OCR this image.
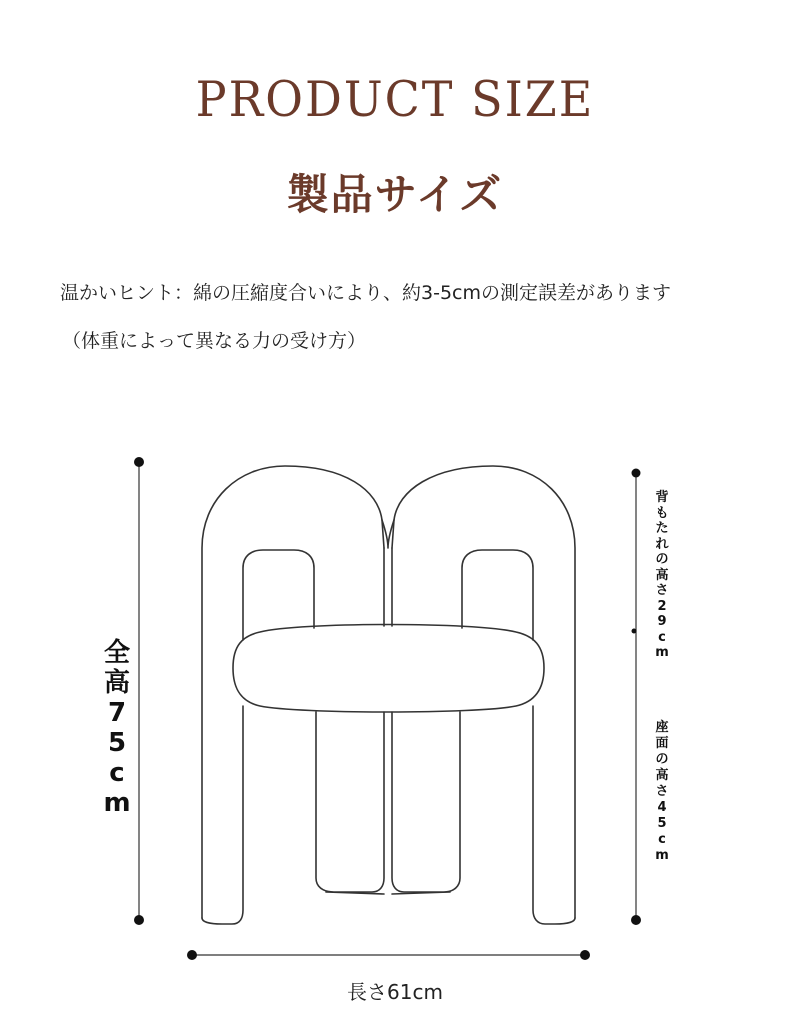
PRODUCT SIZE
製品サイズ
温かいヒント：綿の圧縮度合いにより、約3-5cmの測定誤差があります
（体重によって異なる力の受け方）
全
高
7
5
c
m
背
も
た
れ
の
高
さ
2
9
c
m
座
面
の
高
さ
4
5
c
m
長さ61cm
